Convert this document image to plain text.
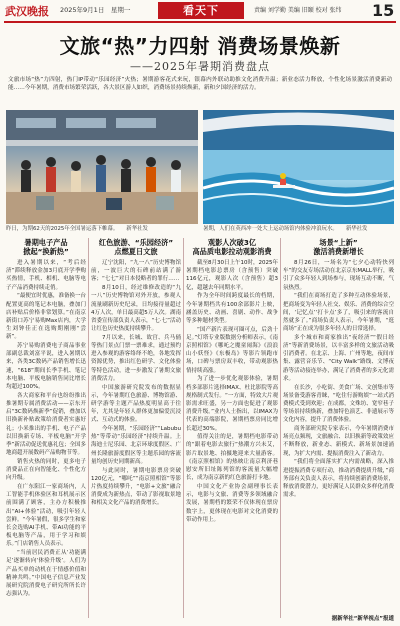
武汉晚报 2025年9月1日　星期一	看天下	责编 刘学勤 美编 旧颐 校对 张纬 15
文旅“热”力四射 消费场景焕新
——2025年暑期消费盘点
文旅市场“热”力四射，热门IP带动“乐园经济”火热；暑期游客花式来玩，银幕内外联动助推文化消费升温；新业态活力释放，个性化场景激活消费新动能……今年暑期，消费市场繁荣活跃，各大景区游人如织，消费场景持续焕新，新和夕国经济的活力。
昨日，为期62天的2025年全国暑运落下帷幕。　　新华社发	暑期，人们在英西冲一处大上运动场馆内体验冲浪玩水。　　新华社发
暑期电子产品
掀起“换新热”

进入暑期以来，“考后经济”滞续释放金加3月底开学季购买热情，手机、相机、电脑等电子产品消费持续走俏。

“最便宜时优惠，准备换一台配置更高的笔记本电脑，叠加门店补贴后价格非常划算。”在南京新街口苏宁易购Max店内，大学生刘钟佳正在选购期刚刚“尝新”。

苏宁易购消费电子商品事业部副总裁刘富平说，进入暑期以来，各类3C数码产品销售增长迅速，“618”期间长季手机、笔记本电脑、平板电脑销售同比增长均超过100%。

各大商家和平台也纷纷推出推暑期专属消费活动——京东开启“3C数码焕新季”促销，叠加以旧换新补贴政策给消费者实惠好礼；小米推出的手机、电子产品以旧换新专场、平板电脑“开学季”新活动促送优惠礼包；全国多地商超开展数码产品购物节等。

销售火热的同时，更多电子消费品正在向智能化、个性化方向升级。

在广东阳江一家商场内，人工智能手机体验区和耳机展示区前围满了顾客，主办方积极推出“AI+体验”活动，吸引年轻人尝鲜。“今年暑假，很多学生和家长会选购AI手机、带AI功能的平板电脑等产品，用于学习和娱乐。”门店销售人员表示。

“当前居民消费正从‘功能满足’逐渐转向‘体验升级’。人们为产品买单的动机在于情感价值和精神共鸣。”中国电子信息产业发展研究院消费电子研究所所长许志强认为。

红色旅游、“乐园经济”
点燃夏日文旅

辽宁沈阳，“九一八”历史博物馆前，一波巨大的石碑前站满了游客；“七七”对日本侵略者的罪行……

8月10日，经过维修改造的“九一八”历史博物馆对外开放，参观人流量刷新历史纪录，日均接待量超过4万人次，单日最高超5万人次。湖南省委宣传部负责人表示，“七·七”活动让红色历史热度持续攀升。

7月以来，长城、故宫、兵马俑等热门景点门票一票难求，通过预约进入参观的游客络绎不绝，各地发挥资源优势，推出红色研学、文化体验等特色活动，进一步激发了暑期文旅消费活力。

中国旅游研究院发布的数据显示，今年暑期红色旅游、博物馆游、研学游等主题产品热度明显高于往年，尤其是年轻人群体更加偏爱沉浸式、互动式的体验。

今年暑期，“乐园经济”“Labubu热”等带动“乐园经济”持续升温。上海迪士尼乐园、北京环球度假区、广州长隆旅游度假区等主题乐园的客流量均创历史同期新高。

与此同时，暑期电影票房突破120亿元，“哪吒”“南京照相馆”等影片热度持续攀升，“电影+文旅”融合消费成为新热点，带动了影视取景地和相关文化产品的消费增长。

观影人次破3亿
高品质电影拉动观影消费

截至8月30日上午10时，2025年暑期档电影总票房（含预售）突破116亿元，观影人次（含预售）超3亿，超越去年同期水平。

作为全年时间跨度最长的档期，今年暑期档共有100余部影片上映，涵盖历史、动画、喜剧、动作、战争等多种题材类型。

“国产新片表现可圈可点，后劲十足。”灯塔专业版数据分析师表示，《南京照相馆》《哪吒之魔童闹海》《浪浪山小妖怪》《东极岛》等影片领跑市场，口碑与票房双丰收，带动观影热情持续高涨。

为了进一步优化观影体验，暑期档多部影片选择IMAX、杜比影院等高规格制式发行。“一方面，特效大片观影需求旺盛，另一方面也促进了观影消费升级。”业内人士指出，以IMAX为代表的高端影院，暑期档票房同比增长超过30%。

值得关注的是，暑期档电影带动的“跟着电影去旅行”热潮方兴未艾，影片取景地、拍摄地迎来大量游客。《南京照相馆》的热映让南京利济巷慰安所旧址陈列馆的客流量大幅增长，成为南京新的红色旅游打卡地。

中国文化产业协会副理事长表示，电影与文旅、消费等多领域融合发展，暑期档的繁荣不仅体现在票房数字上，更体现在电影对文化消费的带动作用上。

场景“上新”
激活消费新增长

8月26日，一场名为“七夕心动特快列车”的交友专场活动在北京京东MALL举行，吸引了众多年轻人到场参与，现场互动不断，气氛热烈。

“我们在商场打造了多种互动体验场景，把商场变为年轻人社交、娱乐、消费的综合空间，‘记忆点’‘打卡点’多了，吸引来的客流自然就多了。”商场负责人表示，今年暑期，“逛商场”正在成为很多年轻人的日常选择。

多个城市和商家推出“夜经济”“假日经济”等新消费场景，以丰富多样的文旅活动吸引消费者。在北京、上海、广州等地，夜间市集、露营音乐节、“City Walk”路线、文博夜游等活动接连举办，满足了消费者的多元化需求。

在长沙，小吃街、美食广场、文创集市等场景备受游客青睐，“吃住行游购娱”一站式消费模式受到欢迎；在成都，文殊坊、宽窄巷子等场景持续焕新，叠加特色演艺、非遗展示等文化内容，提升了消费体验。

商务部研究院专家表示，今年暑期消费市场亮点频现，文旅融合、以旧换新等政策效应不断释放，新业态、新模式、新场景加速涌现，为扩大内需、提振消费注入了新动力。

“我们将全面落实扩大内需战略，深入推进提振消费专项行动，推动消费提质升级，”商务部有关负责人表示，将持续创新消费场景，释放消费潜力，更好满足人民群众多样化消费需求。

据新华社“新华视点”报道
